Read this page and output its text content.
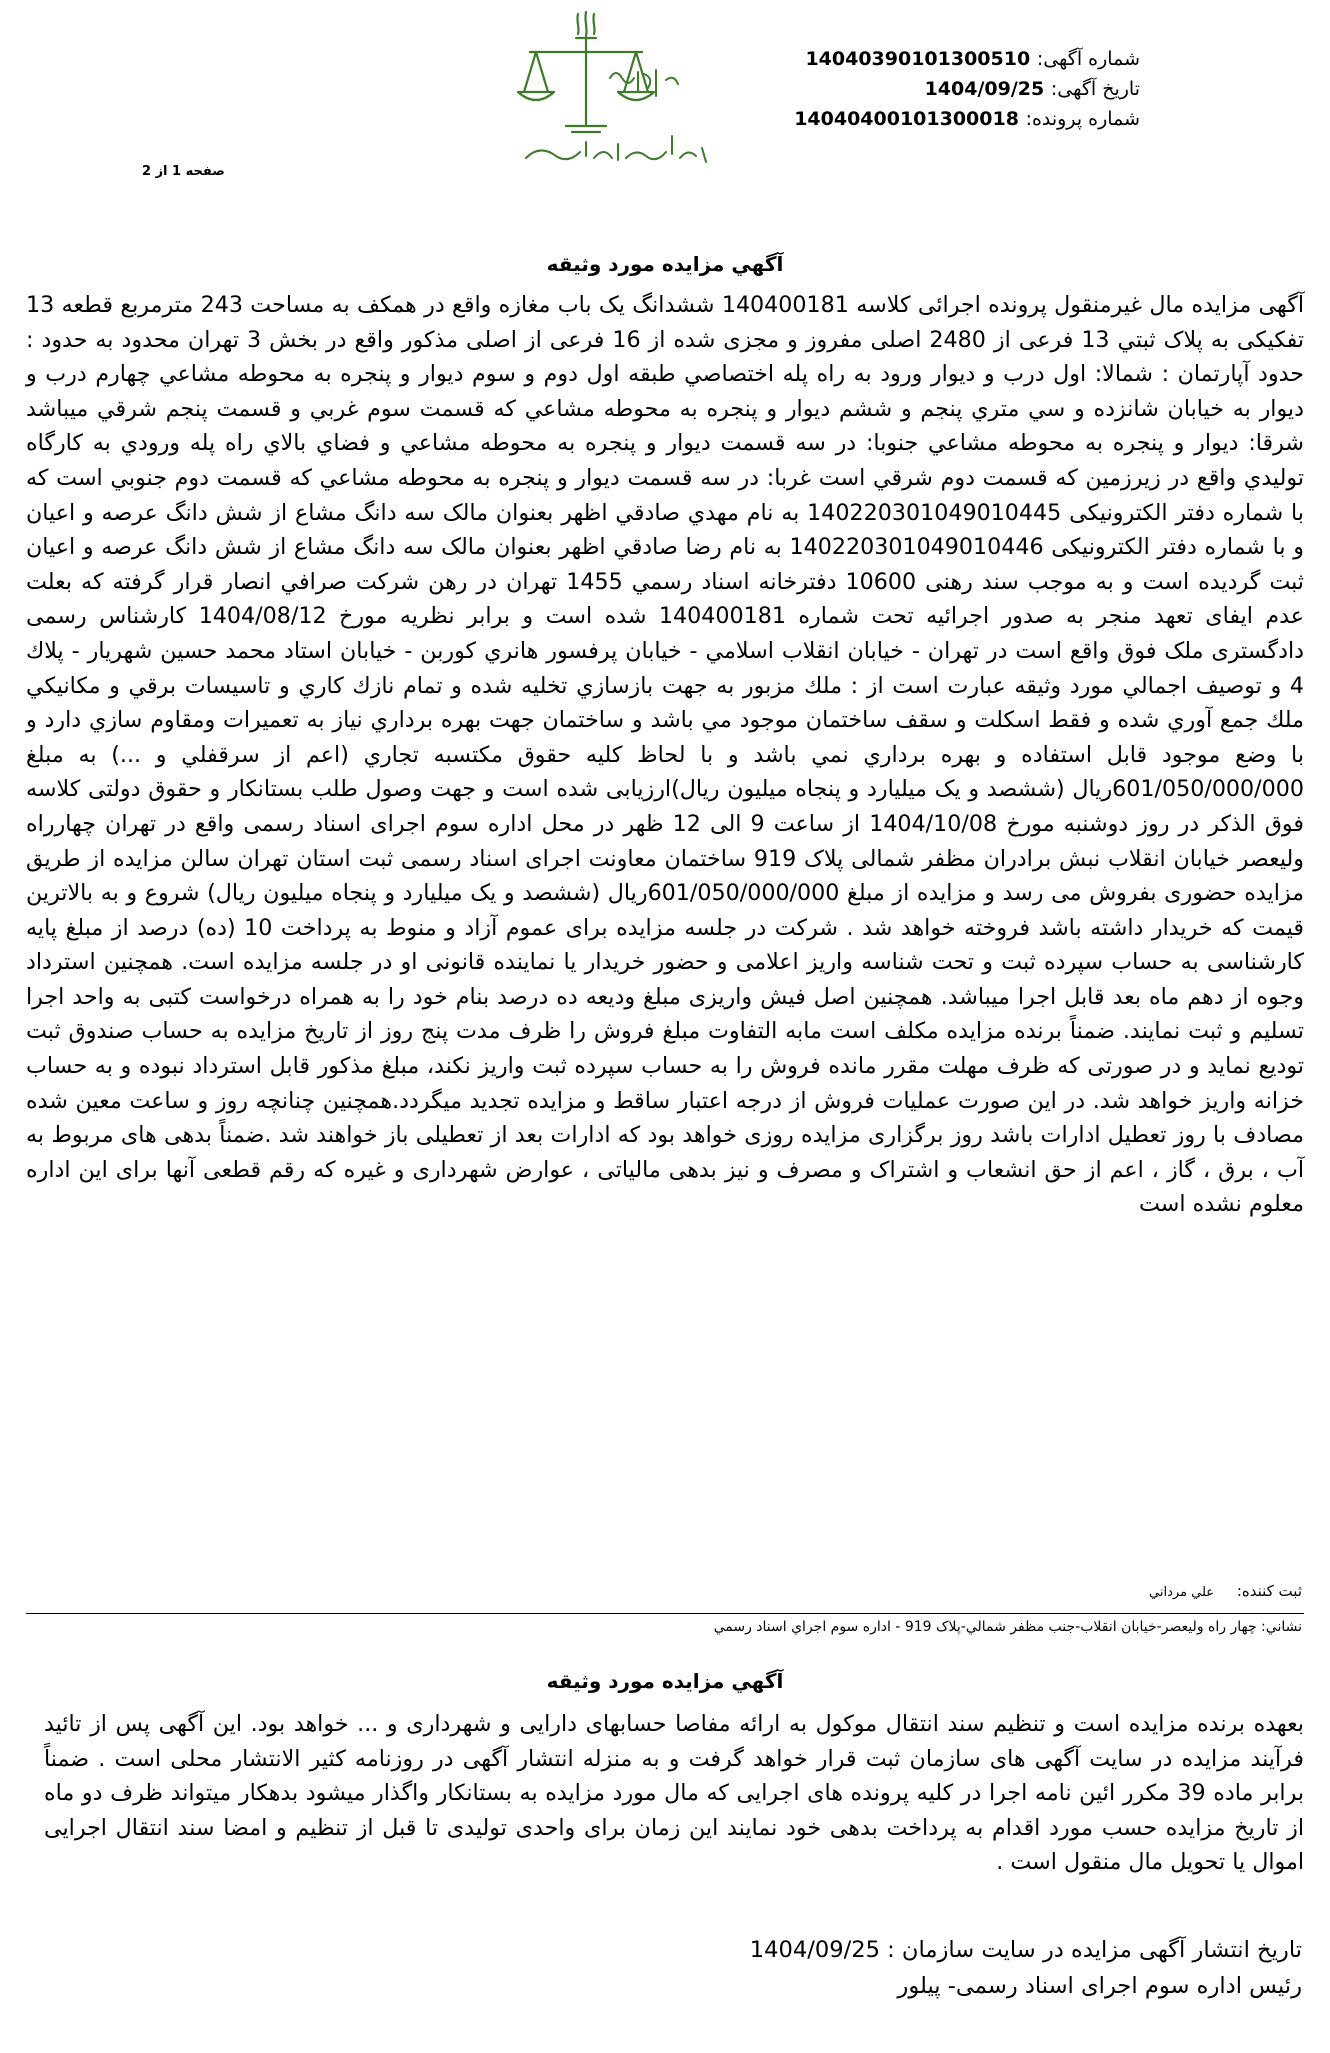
شماره آگهی: 14040390101300510
تاریخ آگهی: 1404/09/25
شماره پرونده: 14040400101300018
صفحه 1 از 2
آگهي مزايده مورد وثيقه

آگهی مزایده مال غیرمنقول پرونده اجرائی کلاسه 140400181 ششدانگ یک باب مغازه واقع در همکف به مساحت 243 مترمربع قطعه 13 تفکیکی به پلاک ثبتي 13 فرعی از 2480 اصلی مفروز و مجزی شده از 16 فرعی از اصلی مذکور واقع در بخش 3 تهران محدود به حدود : حدود آپارتمان : شمالا: اول درب و دیوار ورود به راه پله اختصاصي طبقه اول دوم و سوم ديوار و پنجره به محوطه مشاعي چهارم درب و ديوار به خيابان شانزده و سي متري پنجم و ششم ديوار و پنجره به محوطه مشاعي كه قسمت سوم غربي و قسمت پنجم شرقي ميباشد شرقا: ديوار و پنجره به محوطه مشاعي جنوبا: در سه قسمت ديوار و پنجره به محوطه مشاعي و فضاي بالاي راه پله ورودي به كارگاه توليدي واقع در زيرزمين كه قسمت دوم شرقي است غربا: در سه قسمت ديوار و پنجره به محوطه مشاعي كه قسمت دوم جنوبي است كه با شماره دفتر الکترونیکی 140220301049010445 به نام مهدي صادقي اظهر بعنوان مالک سه دانگ مشاع از شش دانگ عرصه و اعیان و با شماره دفتر الکترونیکی 140220301049010446 به نام رضا صادقي اظهر بعنوان مالک سه دانگ مشاع از شش دانگ عرصه و اعیان ثبت گردیده است و به موجب سند رهنی 10600 دفترخانه اسناد رسمي 1455 تهران در رهن شرکت صرافي انصار قرار گرفته که بعلت عدم ایفای تعهد منجر به صدور اجرائیه تحت شماره 140400181 شده است و برابر نظريه مورخ 1404/08/12 كارشناس رسمی دادگستری ملک فوق واقع است در تهران - خيابان انقلاب اسلامي - خيابان پرفسور هانري كوربن - خيابان استاد محمد حسين شهريار - پلاك 4 و توصيف اجمالي مورد وثيقه عبارت است از : ملك مزبور به جهت بازسازي تخليه شده و تمام نازك كاري و تاسيسات برقي و مكانيكي ملك جمع آوري شده و فقط اسكلت و سقف ساختمان موجود مي باشد و ساختمان جهت بهره برداري نياز به تعميرات ومقاوم سازي دارد و با وضع موجود قابل استفاده و بهره برداري نمي باشد و با لحاظ كليه حقوق مكتسبه تجاري (اعم از سرقفلي و ...) به مبلغ 601/050/000/000ریال (ششصد و یک میلیارد و پنجاه میلیون ریال)ارزيابی شده است و جهت وصول طلب بستانکار و حقوق دولتی کلاسه فوق الذکر در روز دوشنبه مورخ 1404/10/08 از ساعت 9 الی 12 ظهر در محل اداره سوم اجرای اسناد رسمی واقع در تهران چهارراه ولیعصر خیابان انقلاب نبش برادران مظفر شمالی پلاک 919 ساختمان معاونت اجرای اسناد رسمی ثبت استان تهران سالن مزایده از طریق مزایده حضوری بفروش می رسد و مزایده از مبلغ 601/050/000/000ریال (ششصد و یک میلیارد و پنجاه میلیون ریال) شروع و به بالاترین قیمت که خریدار داشته باشد فروخته خواهد شد . شرکت در جلسه مزایده برای عموم آزاد و منوط به پرداخت 10 (ده) درصد از مبلغ پایه کارشناسی به حساب سپرده ثبت و تحت شناسه واریز اعلامی و حضور خریدار یا نماینده قانونی او در جلسه مزایده است. همچنین استرداد وجوه از دهم ماه بعد قابل اجرا میباشد. همچنین اصل فیش واریزی مبلغ ودیعه ده درصد بنام خود را به همراه درخواست کتبی به واحد اجرا تسلیم و ثبت نمایند. ضمناً برنده مزایده مکلف است مابه التفاوت مبلغ فروش را ظرف مدت پنج روز از تاریخ مزایده به حساب صندوق ثبت تودیع نماید و در صورتی که ظرف مهلت مقرر مانده فروش را به حساب سپرده ثبت واریز نکند، مبلغ مذکور قابل استرداد نبوده و به حساب خزانه واریز خواهد شد. در این صورت عملیات فروش از درجه اعتبار ساقط و مزایده تجدید میگردد.همچنین چنانچه روز و ساعت معین شده مصادف با روز تعطیل ادارات باشد روز برگزاری مزایده روزی خواهد بود که ادارات بعد از تعطیلی باز خواهند شد .ضمناً بدهی های مربوط به آب ، برق ، گاز ، اعم از حق انشعاب و اشتراک و مصرف و نیز بدهی مالیاتی ، عوارض شهرداری و غیره که رقم قطعی آنها برای این اداره معلوم نشده است

ثبت کننده: علي مرداني
نشاني: چهار راه وليعصر-خيابان انقلاب-جنب مظفر شمالي-پلاک 919 - اداره سوم اجراي اسناد رسمي
آگهي مزايده مورد وثيقه

بعهده برنده مزایده است و تنظیم سند انتقال موکول به ارائه مفاصا حسابهای دارایی و شهرداری و ... خواهد بود. این آگهی پس از تائید فرآیند مزایده در سایت آگهی های سازمان ثبت قرار خواهد گرفت و به منزله انتشار آگهی در روزنامه کثیر الانتشار محلی است . ضمناً برابر ماده 39 مکرر ائین نامه اجرا در کلیه پرونده های اجرایی که مال مورد مزایده به بستانکار واگذار میشود بدهکار میتواند ظرف دو ماه از تاریخ مزایده حسب مورد اقدام به پرداخت بدهی خود نمایند این زمان برای واحدی تولیدی تا قبل از تنظیم و امضا سند انتقال اجرایی اموال یا تحویل مال منقول است .

تاریخ انتشار آگهی مزایده در سایت سازمان : 1404/09/25
رئیس اداره سوم اجرای اسناد رسمی- پیلور
